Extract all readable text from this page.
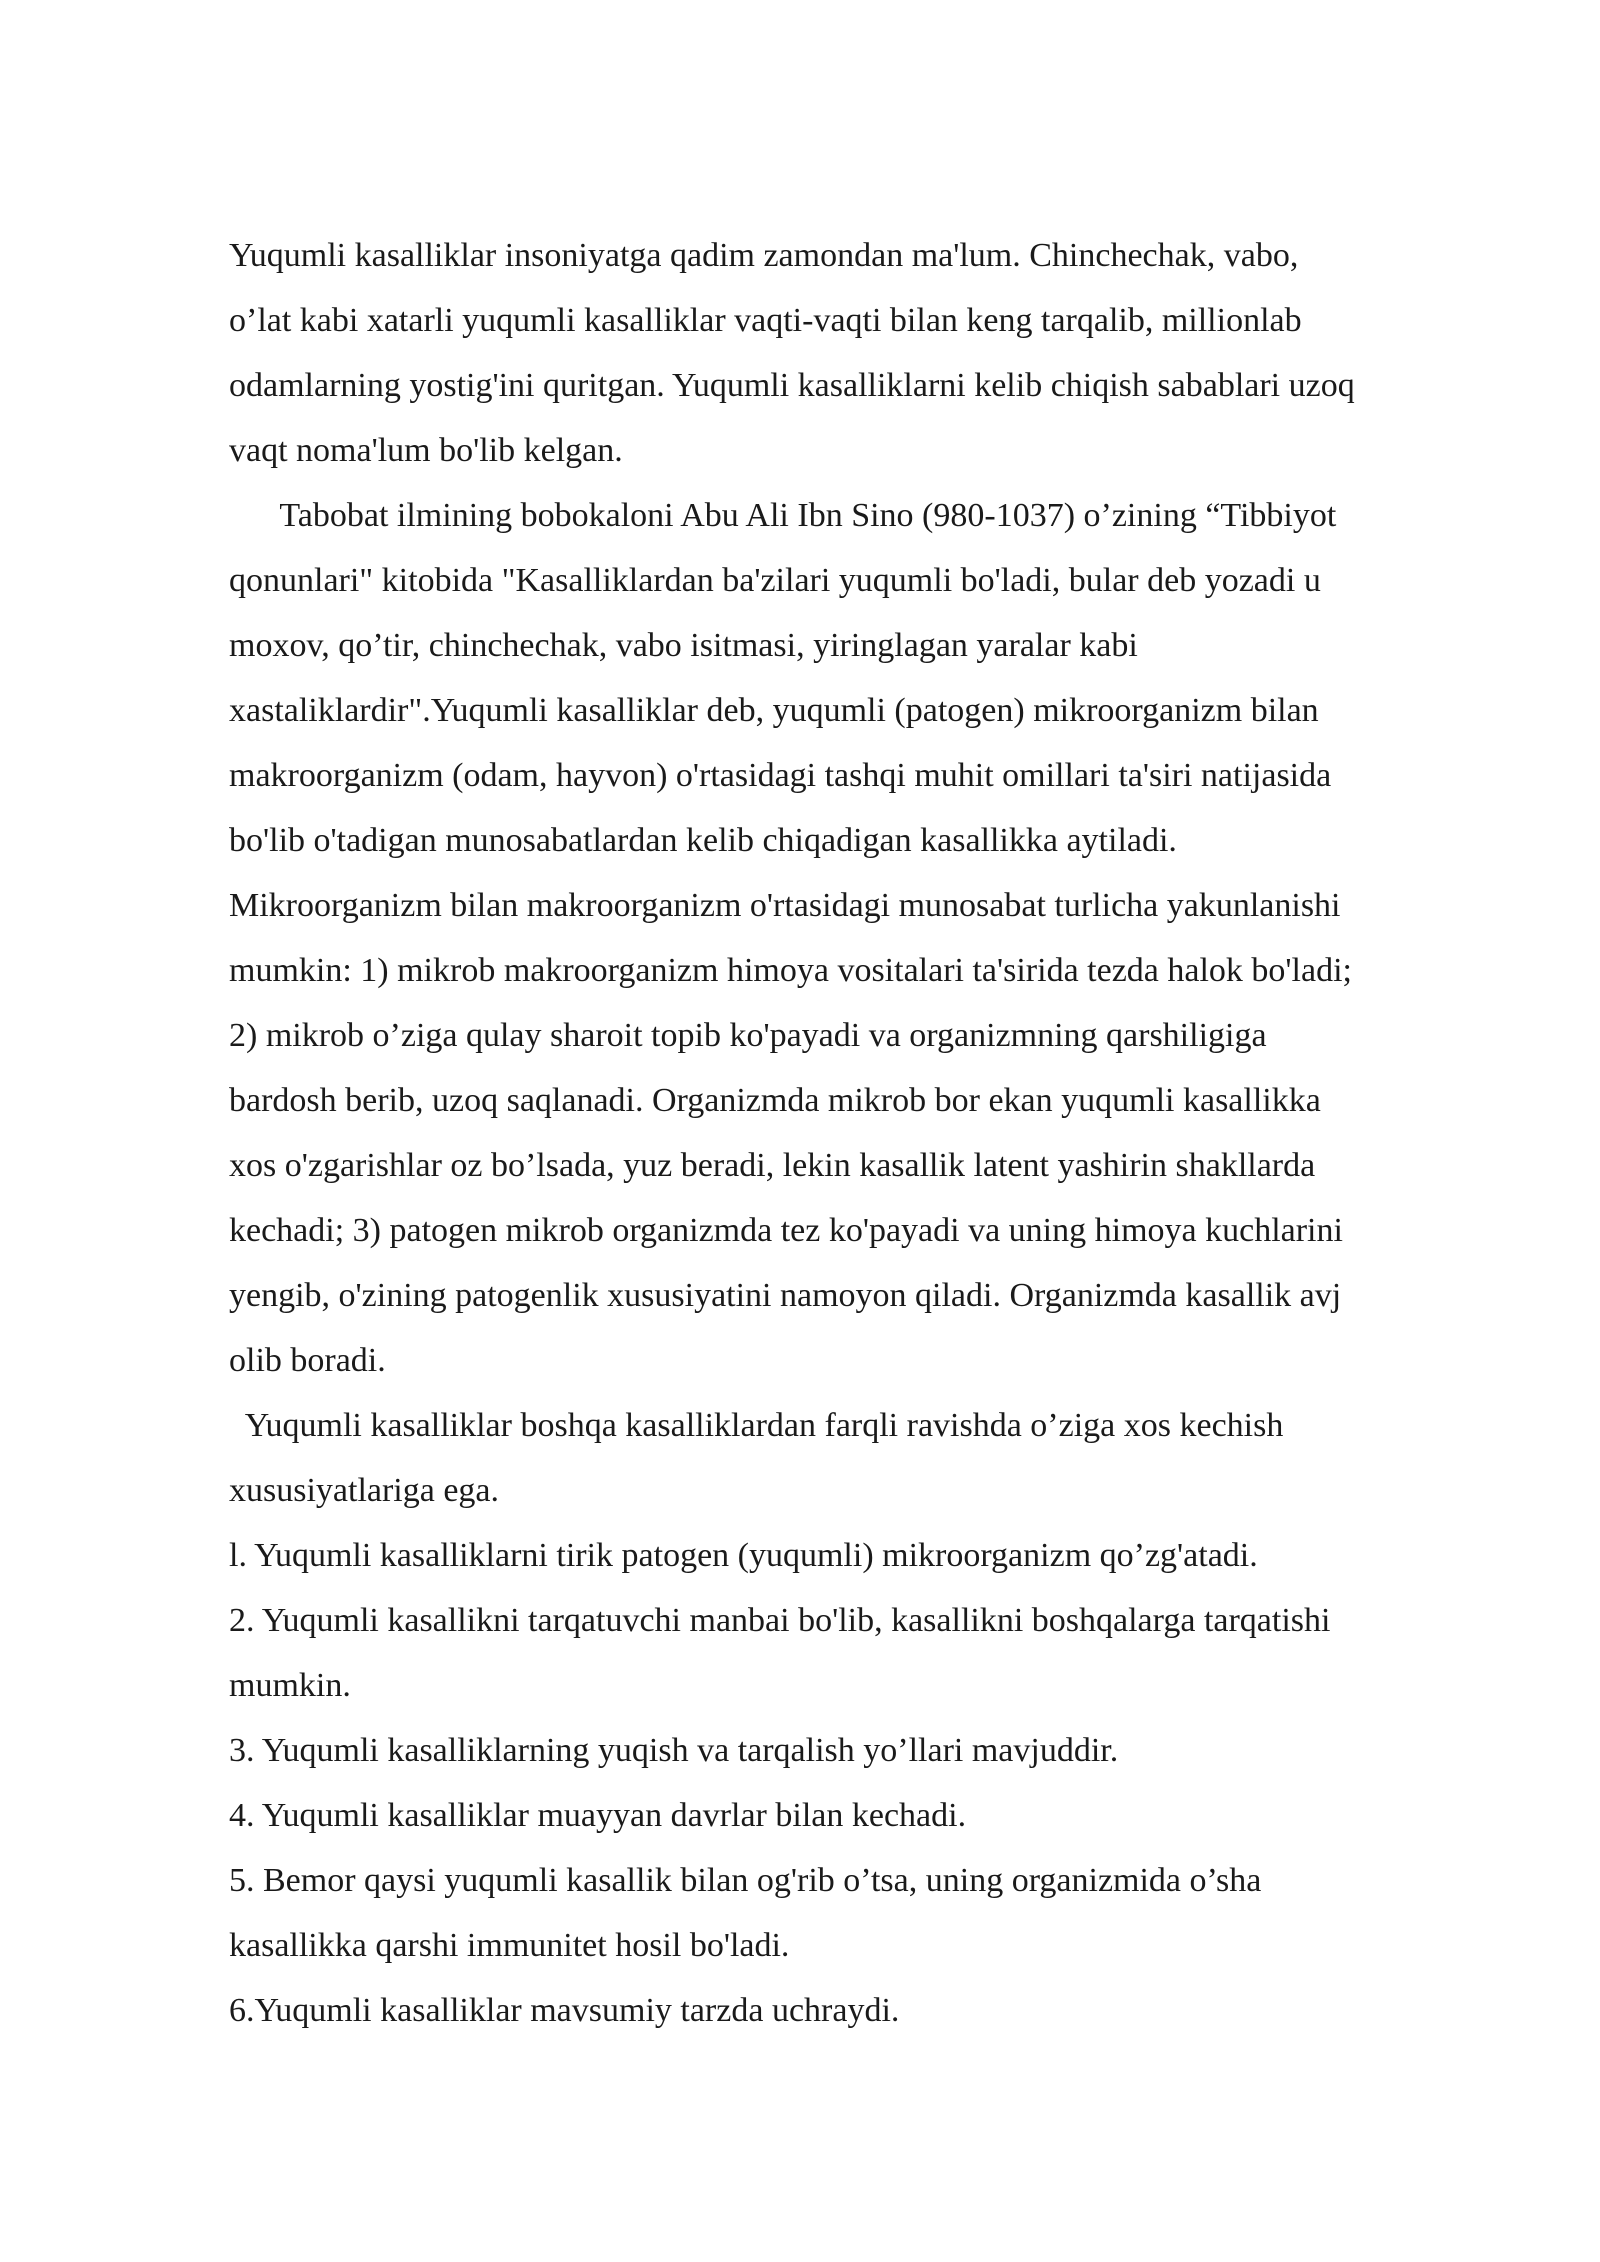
Yuqumli kasalliklar insoniyatga qadim zamondan ma'lum. Chinchechak, vabo,
o’lat kabi xatarli yuqumli kasalliklar vaqti-vaqti bilan keng tarqalib, millionlab
odamlarning yostig'ini quritgan. Yuqumli kasalliklarni kelib chiqish sabablari uzoq
vaqt noma'lum bo'lib kelgan.
Tabobat ilmining bobokaloni Abu Ali Ibn Sino (980-1037) o’zining “Tibbiyot
qonunlari" kitobida "Kasalliklardan ba'zilari yuqumli bo'ladi, bular deb yozadi u
moxov, qo’tir, chinchechak, vabo isitmasi, yiringlagan yaralar kabi
xastaliklardir".Yuqumli kasalliklar deb, yuqumli (patogen) mikroorganizm bilan
makroorganizm (odam, hayvon) o'rtasidagi tashqi muhit omillari ta'siri natijasida
bo'lib o'tadigan munosabatlardan kelib chiqadigan kasallikka aytiladi.
Mikroorganizm bilan makroorganizm o'rtasidagi munosabat turlicha yakunlanishi
mumkin: 1) mikrob makroorganizm himoya vositalari ta'sirida tezda halok bo'ladi;
2) mikrob o’ziga qulay sharoit topib ko'payadi va organizmning qarshiligiga
bardosh berib, uzoq saqlanadi. Organizmda mikrob bor ekan yuqumli kasallikka
xos o'zgarishlar oz bo’lsada, yuz beradi, lekin kasallik latent yashirin shakllarda
kechadi; 3) patogen mikrob organizmda tez ko'payadi va uning himoya kuchlarini
yengib, o'zining patogenlik xususiyatini namoyon qiladi. Organizmda kasallik avj
olib boradi.
Yuqumli kasalliklar boshqa kasalliklardan farqli ravishda o’ziga xos kechish
xususiyatlariga ega.
l. Yuqumli kasalliklarni tirik patogen (yuqumli) mikroorganizm qo’zg'atadi.
2. Yuqumli kasallikni tarqatuvchi manbai bo'lib, kasallikni boshqalarga tarqatishi
mumkin.
3. Yuqumli kasalliklarning yuqish va tarqalish yo’llari mavjuddir.
4. Yuqumli kasalliklar muayyan davrlar bilan kechadi.
5. Bemor qaysi yuqumli kasallik bilan og'rib o’tsa, uning organizmida o’sha
kasallikka qarshi immunitet hosil bo'ladi.
6.Yuqumli kasalliklar mavsumiy tarzda uchraydi.
